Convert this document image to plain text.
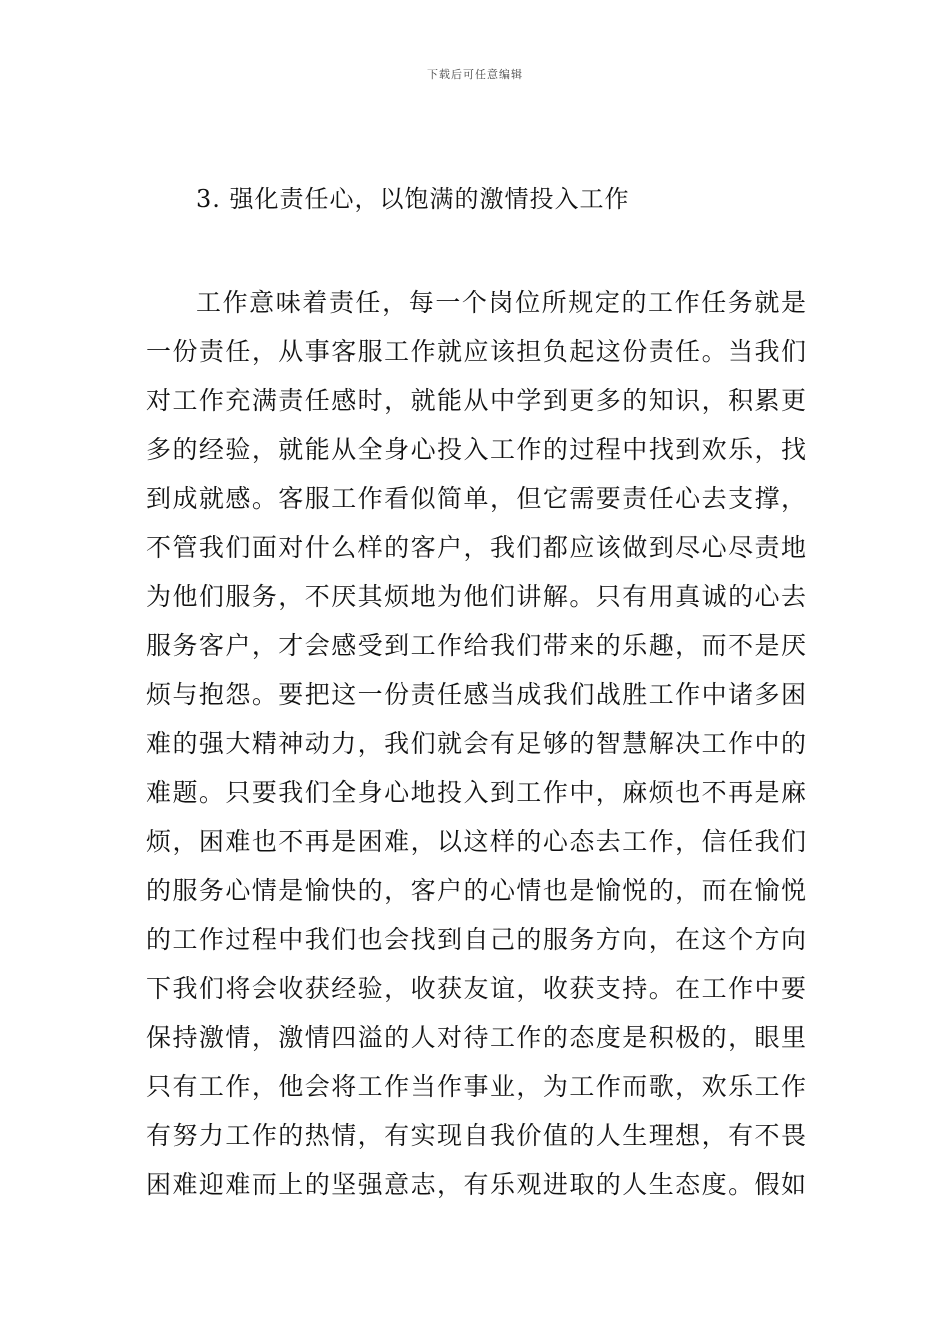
下载后可任意编辑
3. 强化责任心，以饱满的激情投入工作
工作意味着责任，每一个岗位所规定的工作任务就是
一份责任，从事客服工作就应该担负起这份责任。当我们
对工作充满责任感时，就能从中学到更多的知识，积累更
多的经验，就能从全身心投入工作的过程中找到欢乐，找
到成就感。客服工作看似简单，但它需要责任心去支撑，
不管我们面对什么样的客户，我们都应该做到尽心尽责地
为他们服务，不厌其烦地为他们讲解。只有用真诚的心去
服务客户，才会感受到工作给我们带来的乐趣，而不是厌
烦与抱怨。要把这一份责任感当成我们战胜工作中诸多困
难的强大精神动力，我们就会有足够的智慧解决工作中的
难题。只要我们全身心地投入到工作中，麻烦也不再是麻
烦，困难也不再是困难，以这样的心态去工作，信任我们
的服务心情是愉快的，客户的心情也是愉悦的，而在愉悦
的工作过程中我们也会找到自己的服务方向，在这个方向
下我们将会收获经验，收获友谊，收获支持。在工作中要
保持激情，激情四溢的人对待工作的态度是积极的，眼里
只有工作，他会将工作当作事业，为工作而歌，欢乐工作
有努力工作的热情，有实现自我价值的人生理想，有不畏
困难迎难而上的坚强意志，有乐观进取的人生态度。假如
